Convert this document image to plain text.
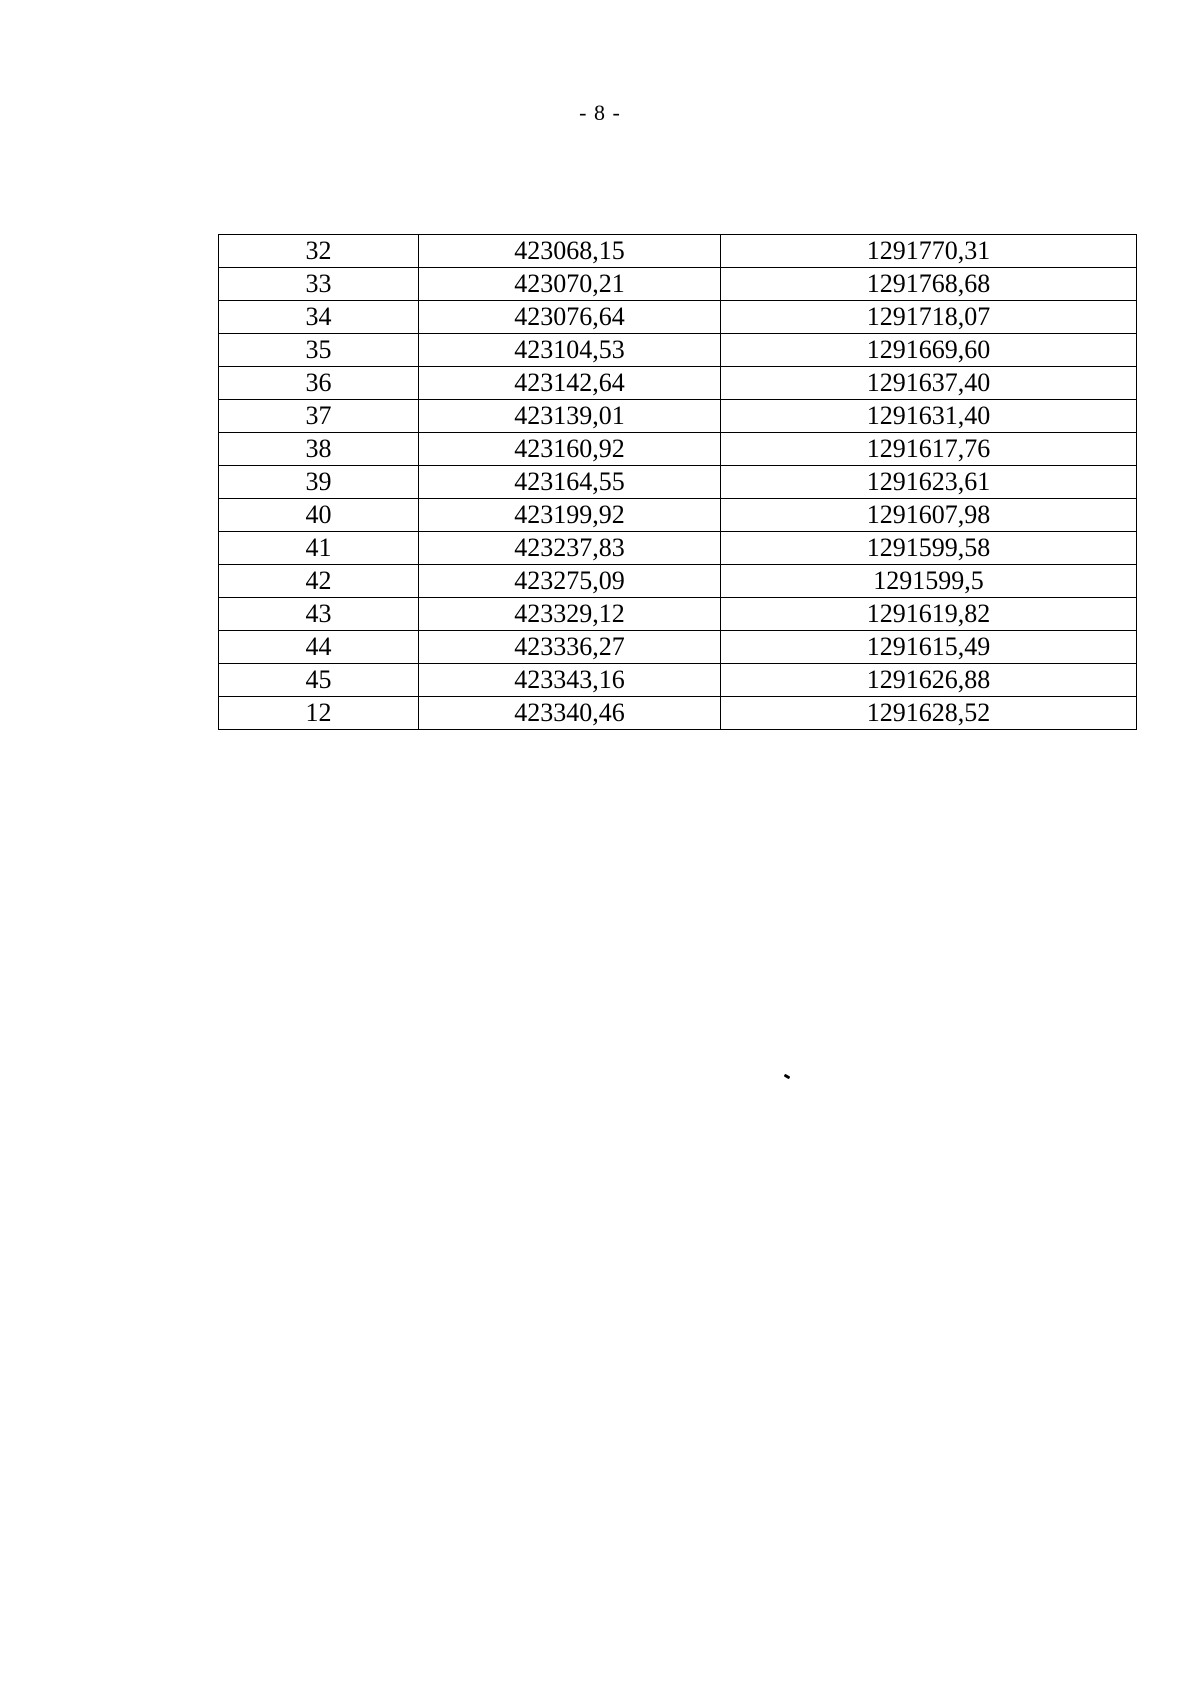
- 8 -
32	423068,15	1291770,31
33	423070,21	1291768,68
34	423076,64	1291718,07
35	423104,53	1291669,60
36	423142,64	1291637,40
37	423139,01	1291631,40
38	423160,92	1291617,76
39	423164,55	1291623,61
40	423199,92	1291607,98
41	423237,83	1291599,58
42	423275,09	1291599,5
43	423329,12	1291619,82
44	423336,27	1291615,49
45	423343,16	1291626,88
12	423340,46	1291628,52
